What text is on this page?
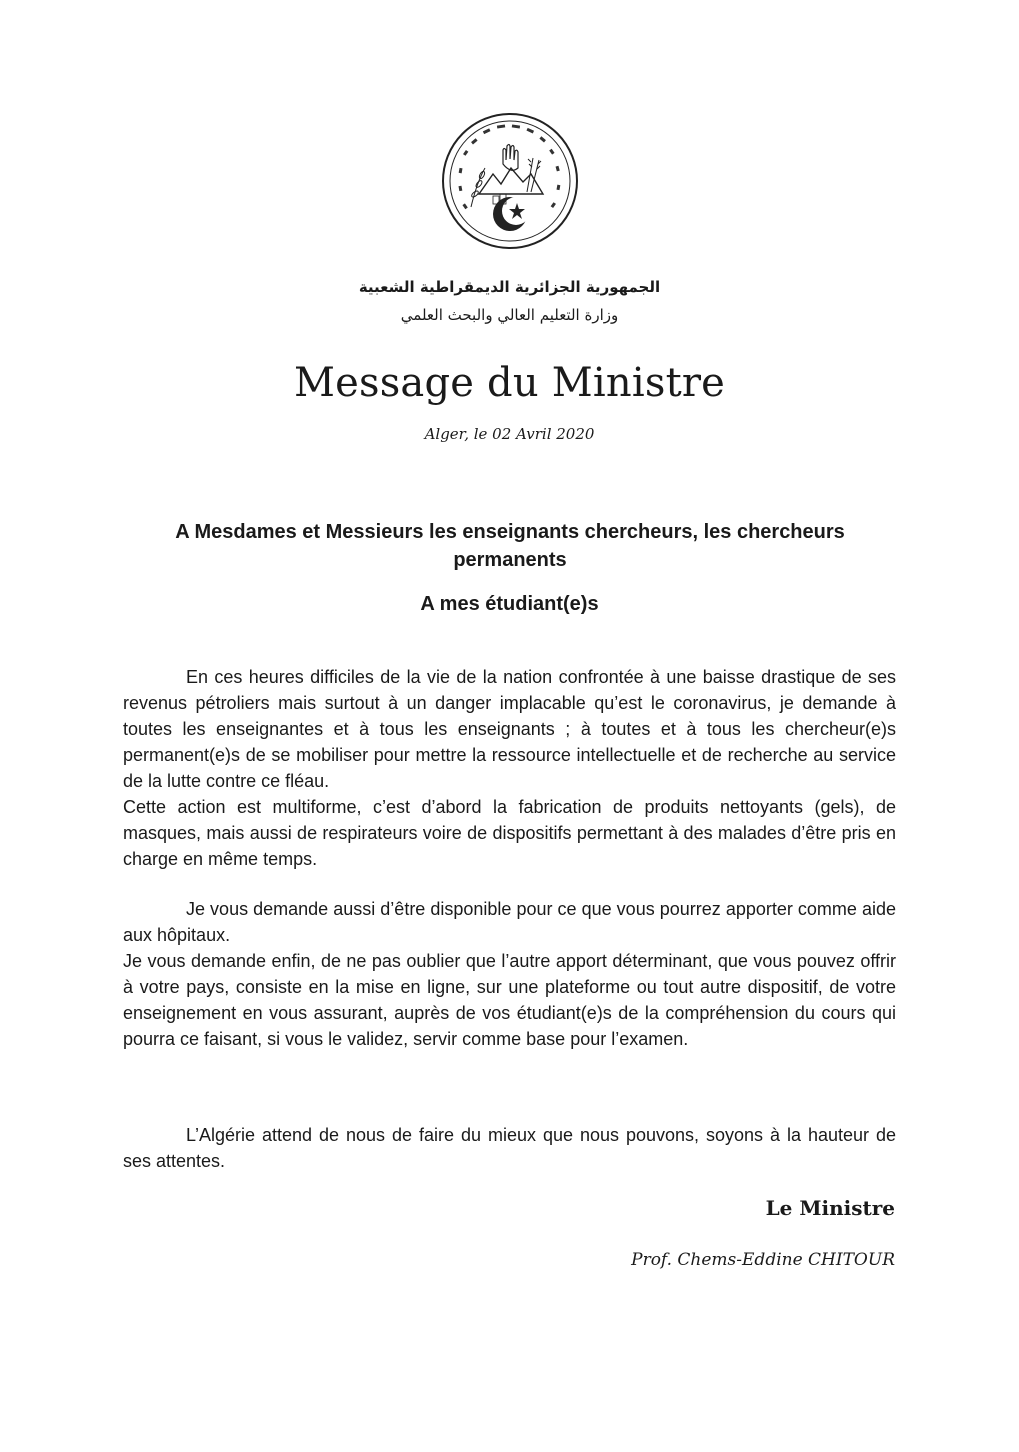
الجمهورية الجزائرية الديمقراطية الشعبية
وزارة التعليم العالي والبحث العلمي
Message du Ministre
Alger, le 02 Avril 2020
A Mesdames et Messieurs les enseignants chercheurs, les chercheurs permanents
A mes étudiant(e)s

En ces heures difficiles de la vie de la nation confrontée à une baisse drastique de ses revenus pétroliers mais surtout à un danger implacable qu’est le coronavirus, je demande à toutes les enseignantes et à tous les enseignants ; à toutes et à tous les chercheur(e)s permanent(e)s de se mobiliser pour mettre la ressource intellectuelle et de recherche au service de la lutte contre ce fléau.

Cette action est multiforme, c’est d’abord la fabrication de produits nettoyants (gels), de masques, mais aussi de respirateurs voire de dispositifs permettant à des malades d’être pris en charge en même temps.

Je vous demande aussi d’être disponible pour ce que vous pourrez apporter comme aide aux hôpitaux.

Je vous demande enfin, de ne pas oublier que l’autre apport déterminant, que vous pouvez offrir à votre pays, consiste en la mise en ligne, sur une plateforme ou tout autre dispositif, de votre enseignement en vous assurant, auprès de vos étudiant(e)s de la compréhension du cours qui pourra ce faisant, si vous le validez, servir comme base pour l’examen.

L’Algérie attend de nous de faire du mieux que nous pouvons, soyons à la hauteur de ses attentes.

Le Ministre
Prof. Chems-Eddine CHITOUR
